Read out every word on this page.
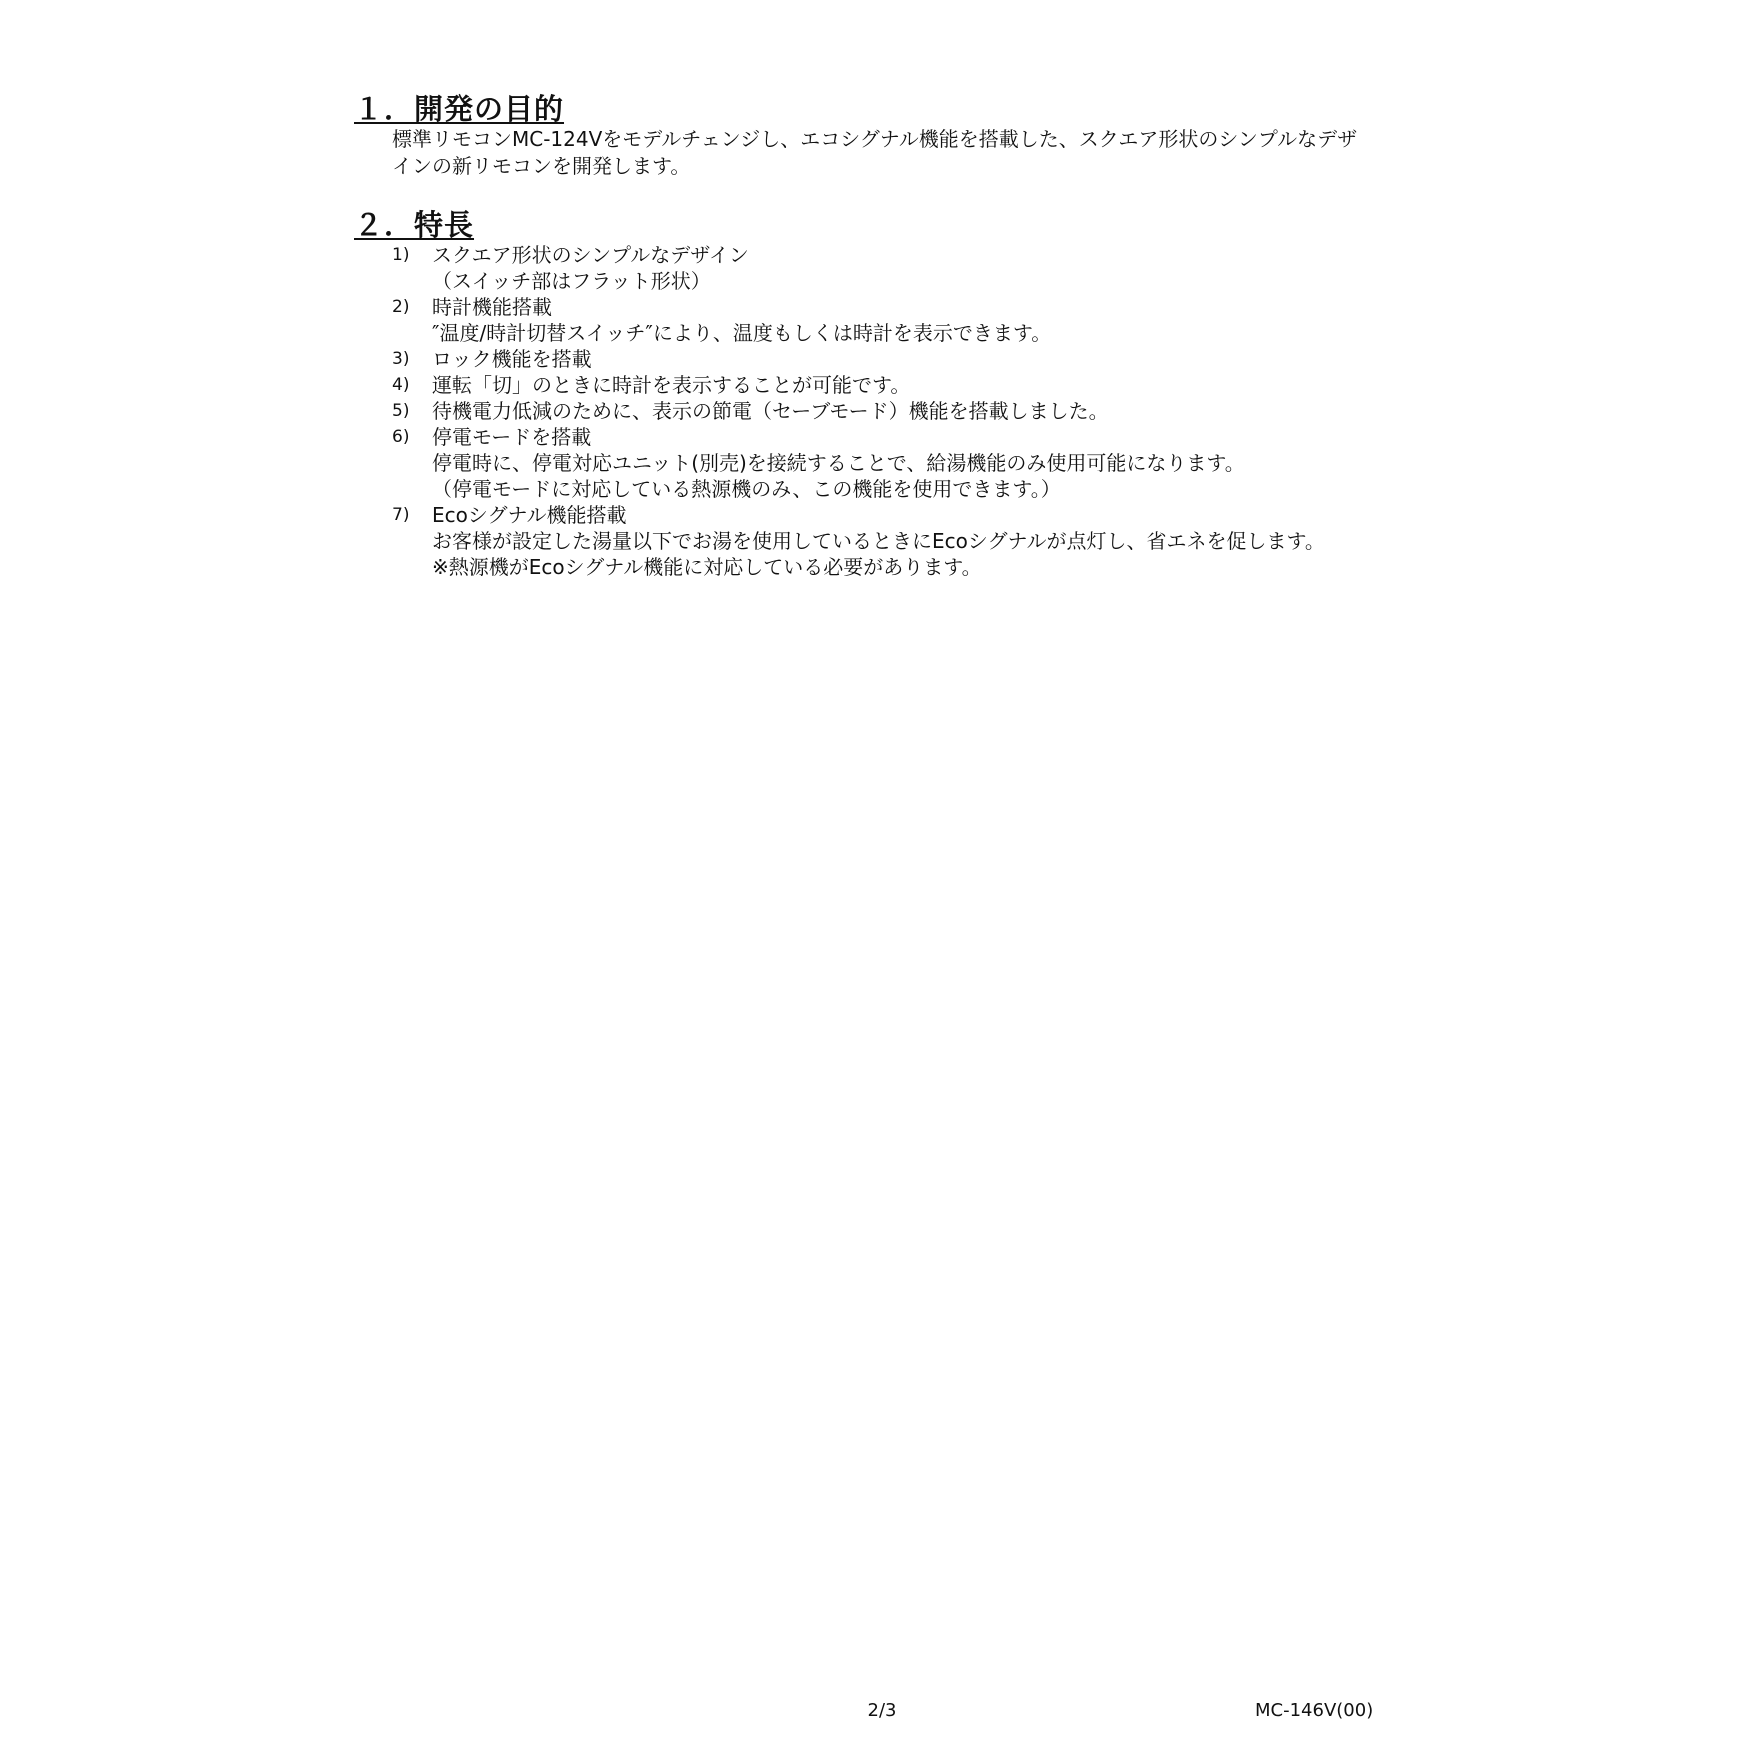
１．開発の目的

標準リモコンMC-124Vをモデルチェンジし、エコシグナル機能を搭載した、スクエア形状のシンプルなデザ
インの新リモコンを開発します。

２．特長
1)	スクエア形状のシンプルなデザイン
（スイッチ部はフラット形状）
2)	時計機能搭載
″温度/時計切替スイッチ″により、温度もしくは時計を表示できます。
3)	ロック機能を搭載
4)	運転「切」のときに時計を表示することが可能です。
5)	待機電力低減のために、表示の節電（セーブモード）機能を搭載しました。
6)	停電モードを搭載
停電時に、停電対応ユニット(別売)を接続することで、給湯機能のみ使用可能になります。
（停電モードに対応している熱源機のみ、この機能を使用できます。）
7)	Ecoシグナル機能搭載
お客様が設定した湯量以下でお湯を使用しているときにEcoシグナルが点灯し、省エネを促します。
※熱源機がEcoシグナル機能に対応している必要があります。
2/3	MC-146V(00)
